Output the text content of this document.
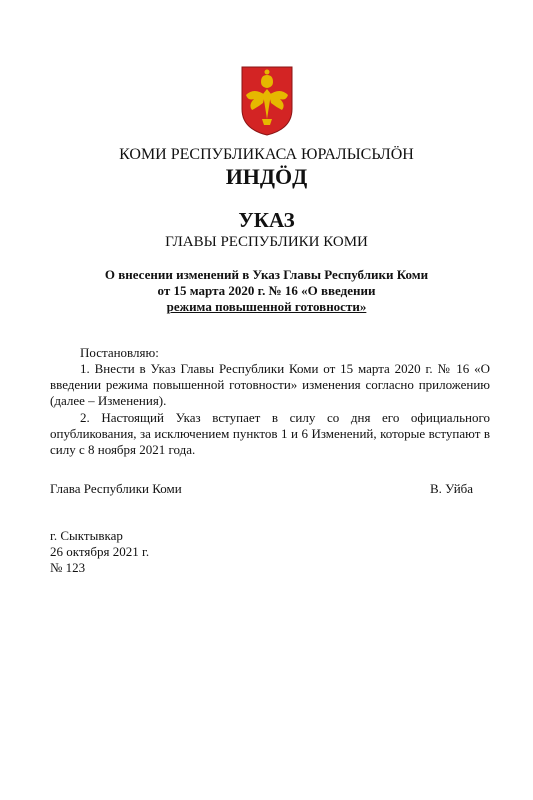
КОМИ РЕСПУБЛИКАСА ЮРАЛЫСЬЛӦН
ИНДӦД
УКАЗ
ГЛАВЫ РЕСПУБЛИКИ КОМИ
О внесении изменений в Указ Главы Республики Коми
от 15 марта 2020 г. № 16 «О введении
режима повышенной готовности»
Постановляю:
1. Внести в Указ Главы Республики Коми от 15 марта 2020 г. № 16 «О введении режима повышенной готовности» изменения согласно приложению (далее – Изменения).
2. Настоящий Указ вступает в силу со дня его официального опубликования, за исключением пунктов 1 и 6 Изменений, которые вступают в силу с 8 ноября 2021 года.
Глава Республики Коми	В. Уйба
г. Сыктывкар
26 октября 2021 г.
№ 123
